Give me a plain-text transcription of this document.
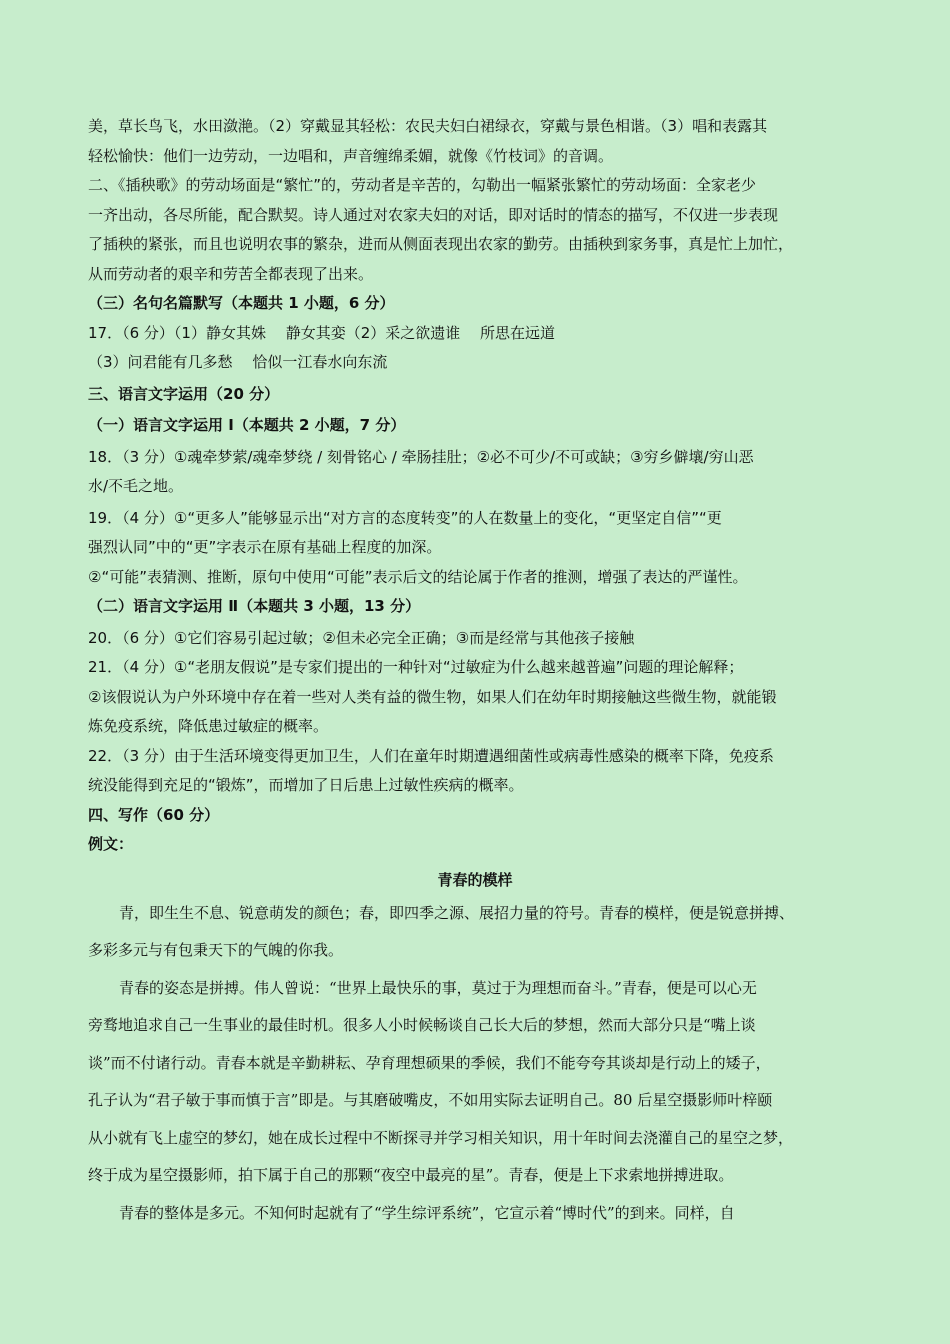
美，草长鸟飞，水田潋滟。（2）穿戴显其轻松：农民夫妇白裙绿衣，穿戴与景色相谐。（3）唱和表露其
轻松愉快：他们一边劳动，一边唱和，声音缠绵柔媚，就像《竹枝词》的音调。
二、《插秧歌》的劳动场面是“繁忙”的，劳动者是辛苦的，勾勒出一幅紧张繁忙的劳动场面：全家老少
一齐出动，各尽所能，配合默契。诗人通过对农家夫妇的对话，即对话时的情态的描写，不仅进一步表现
了插秧的紧张，而且也说明农事的繁杂，进而从侧面表现出农家的勤劳。由插秧到家务事，真是忙上加忙，
从而劳动者的艰辛和劳苦全都表现了出来。
（三）名句名篇默写（本题共 1 小题，6 分）
17．（6 分）（1）静女其姝　 静女其娈（2）采之欲遗谁　 所思在远道
（3）问君能有几多愁　 恰似一江春水向东流
三、语言文字运用（20 分）
（一）语言文字运用 Ⅰ（本题共 2 小题，7 分）
18．（3 分）①魂牵梦萦/魂牵梦绕 / 刻骨铭心 / 牵肠挂肚；②必不可少/不可或缺；③穷乡僻壤/穷山恶
水/不毛之地。
19．（4 分）①“更多人”能够显示出“对方言的态度转变”的人在数量上的变化，“更坚定自信”“更
强烈认同”中的“更”字表示在原有基础上程度的加深。
②“可能”表猜测、推断，原句中使用“可能”表示后文的结论属于作者的推测，增强了表达的严谨性。
（二）语言文字运用 Ⅱ（本题共 3 小题，13 分）
20．（6 分）①它们容易引起过敏；②但未必完全正确；③而是经常与其他孩子接触
21．（4 分）①“老朋友假说”是专家们提出的一种针对“过敏症为什么越来越普遍”问题的理论解释；
②该假说认为户外环境中存在着一些对人类有益的微生物，如果人们在幼年时期接触这些微生物，就能锻
炼免疫系统，降低患过敏症的概率。
22．（3 分）由于生活环境变得更加卫生，人们在童年时期遭遇细菌性或病毒性感染的概率下降，免疫系
统没能得到充足的“锻炼”，而增加了日后患上过敏性疾病的概率。
四、写作（60 分）
例文：
青春的模样
青，即生生不息、锐意萌发的颜色；春，即四季之源、展招力量的符号。青春的模样，便是锐意拼搏、
多彩多元与有包秉天下的气魄的你我。
青春的姿态是拼搏。伟人曾说：“世界上最快乐的事，莫过于为理想而奋斗。”青春，便是可以心无
旁骛地追求自己一生事业的最佳时机。很多人小时候畅谈自己长大后的梦想，然而大部分只是“嘴上谈
谈”而不付诸行动。青春本就是辛勤耕耘、孕育理想硕果的季候，我们不能夸夸其谈却是行动上的矮子，
孔子认为“君子敏于事而慎于言”即是。与其磨破嘴皮，不如用实际去证明自己。80 后星空摄影师叶梓颐
从小就有飞上虚空的梦幻，她在成长过程中不断探寻并学习相关知识，用十年时间去浇灌自己的星空之梦，
终于成为星空摄影师，拍下属于自己的那颗“夜空中最亮的星”。青春，便是上下求索地拼搏进取。
青春的整体是多元。不知何时起就有了“学生综评系统”，它宣示着“博时代”的到来。同样，自
